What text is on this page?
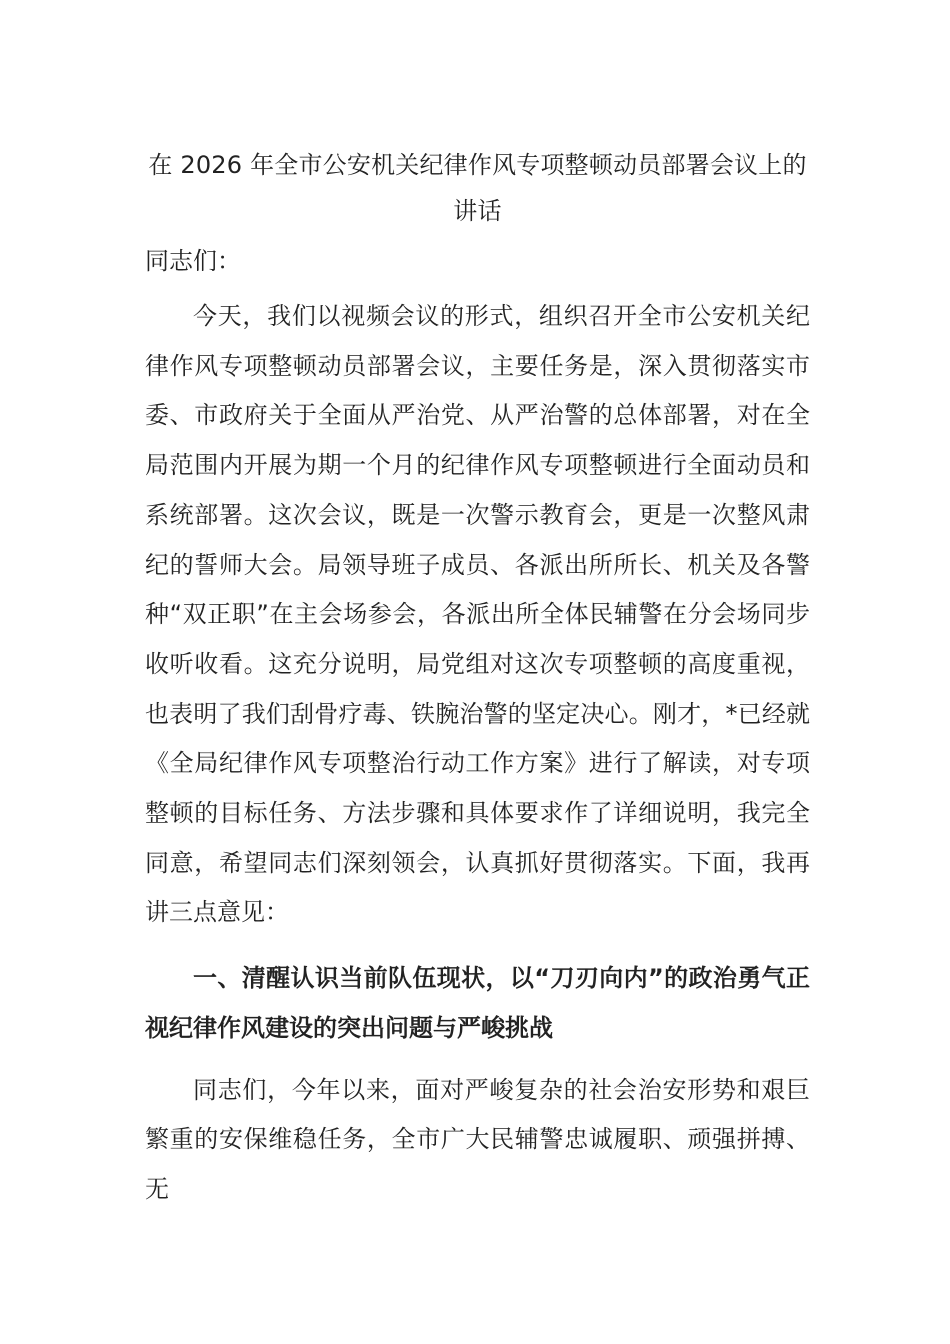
在 2026 年全市公安机关纪律作风专项整顿动员部署会议上的
讲话

同志们：

今天，我们以视频会议的形式，组织召开全市公安机关纪律作风专项整顿动员部署会议，主要任务是，深入贯彻落实市委、市政府关于全面从严治党、从严治警的总体部署，对在全局范围内开展为期一个月的纪律作风专项整顿进行全面动员和系统部署。这次会议，既是一次警示教育会，更是一次整风肃纪的誓师大会。局领导班子成员、各派出所所长、机关及各警种“双正职”在主会场参会，各派出所全体民辅警在分会场同步收听收看。这充分说明，局党组对这次专项整顿的高度重视，也表明了我们刮骨疗毒、铁腕治警的坚定决心。刚才，*已经就《全局纪律作风专项整治行动工作方案》进行了解读，对专项整顿的目标任务、方法步骤和具体要求作了详细说明，我完全同意，希望同志们深刻领会，认真抓好贯彻落实。下面，我再讲三点意见：

一、清醒认识当前队伍现状，以“刀刃向内”的政治勇气正视纪律作风建设的突出问题与严峻挑战

同志们，今年以来，面对严峻复杂的社会治安形势和艰巨繁重的安保维稳任务，全市广大民辅警忠诚履职、顽强拼搏、无
